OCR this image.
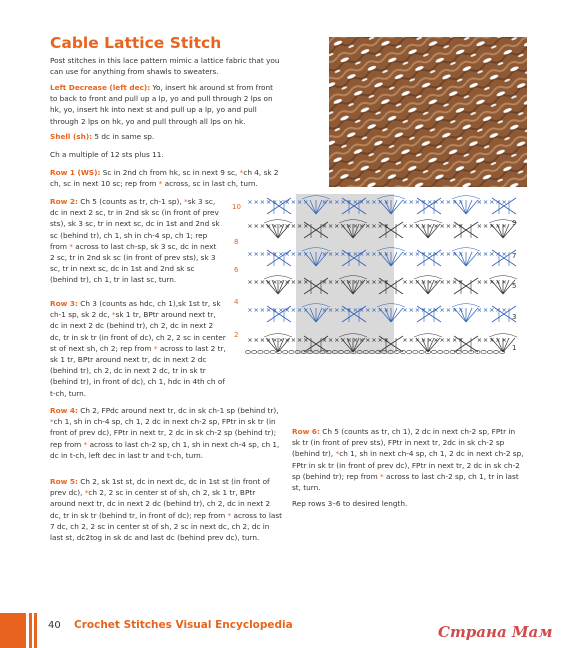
Cable Lattice Stitch

Post stitches in this lace pattern mimic a lattice fabric that you can use for anything from shawls to sweaters.

Left Decrease (left dec): Yo, insert hk around st from front to back to front and pull up a lp, yo and pull through 2 lps on hk, yo, insert hk into next st and pull up a lp, yo and pull through 2 lps on hk, yo and pull through all lps on hk.

Shell (sh): 5 dc in same sp.

Ch a multiple of 12 sts plus 11.

Row 1 (WS): Sc in 2nd ch from hk, sc in next 9 sc, *ch 4, sk 2 ch, sc in next 10 sc; rep from * across, sc in last ch, turn.

Row 2: Ch 5 (counts as tr, ch-1 sp), *sk 3 sc, dc in next 2 sc, tr in 2nd sk sc (in front of prev sts), sk 3 sc, tr in next sc, dc in 1st and 2nd sk sc (behind tr), ch 1, sh in ch-4 sp, ch 1; rep from * across to last ch-sp, sk 3 sc, dc in next 2 sc, tr in 2nd sk sc (in front of prev sts), sk 3 sc, tr in next sc, dc in 1st and 2nd sk sc (behind tr), ch 1, tr in last sc, turn.

Row 3: Ch 3 (counts as hdc, ch 1),sk 1st tr, sk ch-1 sp, sk 2 dc, *sk 1 tr, BPtr around next tr, dc in next 2 dc (behind tr), ch 2, dc in next 2 dc, tr in sk tr (in front of dc), ch 2, 2 sc in center st of next sh, ch 2; rep from * across to last 2 tr, sk 1 tr, BPtr around next tr, dc in next 2 dc (behind tr), ch 2, dc in next 2 dc, tr in sk tr (behind tr), in front of dc), ch 1, hdc in 4th ch of t-ch, turn.

Row 4: Ch 2, FPdc around next tr, dc in sk ch-1 sp (behind tr), *ch 1, sh in ch-4 sp, ch 1, 2 dc in next ch-2 sp, FPtr in sk tr (in front of prev dc), FPtr in next tr, 2 dc in sk ch-2 sp (behind tr); rep from * across to last ch-2 sp, ch 1, sh in next ch-4 sp, ch 1, dc in t-ch, left dec in last tr and t-ch, turn.

Row 5: Ch 2, sk 1st st, dc in next dc, dc in 1st st (in front of prev dc), *ch 2, 2 sc in center st of sh, ch 2, sk 1 tr, BPtr around next tr, dc in next 2 dc (behind tr), ch 2, dc in next 2 dc, tr in sk tr (behind tr, in front of dc); rep from * across to last 7 dc, ch 2, 2 sc in center st of sh, 2 sc in next dc, ch 2, dc in last st, dc2tog in sk dc and last dc (behind prev dc), turn.

Row 6: Ch 5 (counts as tr, ch 1), 2 dc in next ch-2 sp, FPtr in sk tr (in front of prev sts), FPtr in next tr, 2dc in sk ch-2 sp (behind tr), *ch 1, sh in next ch-4 sp, ch 1, 2 dc in next ch-2 sp, FPtr in sk tr (in front of prev dc), FPtr in next tr, 2 dc in sk ch-2 sp (behind tr); rep from * across to last ch-2 sp, ch 1, tr in last st, turn.

Rep rows 3–6 to desired length.

10
8
6
4
2
9
7
5
3
1
40 Crochet Stitches Visual Encyclopedia	Страна Мам
